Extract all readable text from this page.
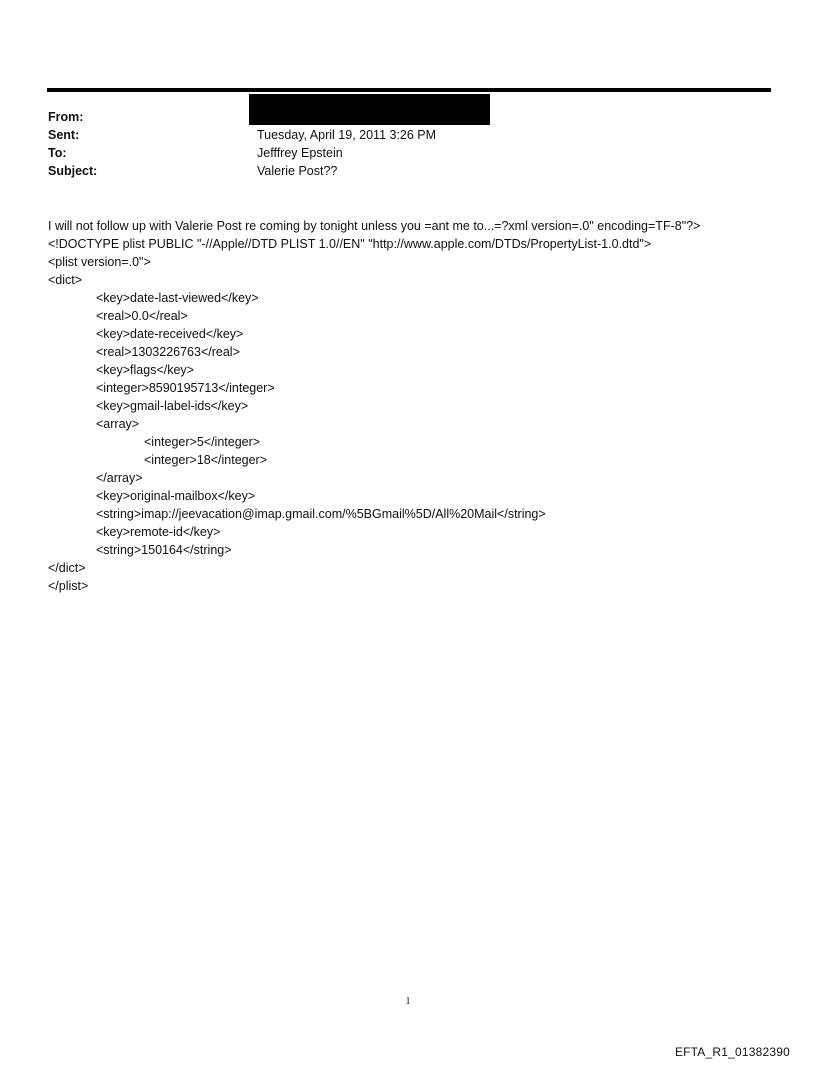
From:
Sent:	Tuesday, April 19, 2011 3:26 PM
To:	Jefffrey Epstein
Subject:	Valerie Post??
I will not follow up with Valerie Post re coming by tonight unless you =ant me to...=?xml version=.0" encoding=TF-8"?>
<!DOCTYPE plist PUBLIC "-//Apple//DTD PLIST 1.0//EN" "http://www.apple.com/DTDs/PropertyList-1.0.dtd">
<plist version=.0">
<dict>
<key>date-last-viewed</key>
<real>0.0</real>
<key>date-received</key>
<real>1303226763</real>
<key>flags</key>
<integer>8590195713</integer>
<key>gmail-label-ids</key>
<array>
<integer>5</integer>
<integer>18</integer>
</array>
<key>original-mailbox</key>
<string>imap://jeevacation@imap.gmail.com/%5BGmail%5D/All%20Mail</string>
<key>remote-id</key>
<string>150164</string>
</dict>
</plist>
1
EFTA_R1_01382390
